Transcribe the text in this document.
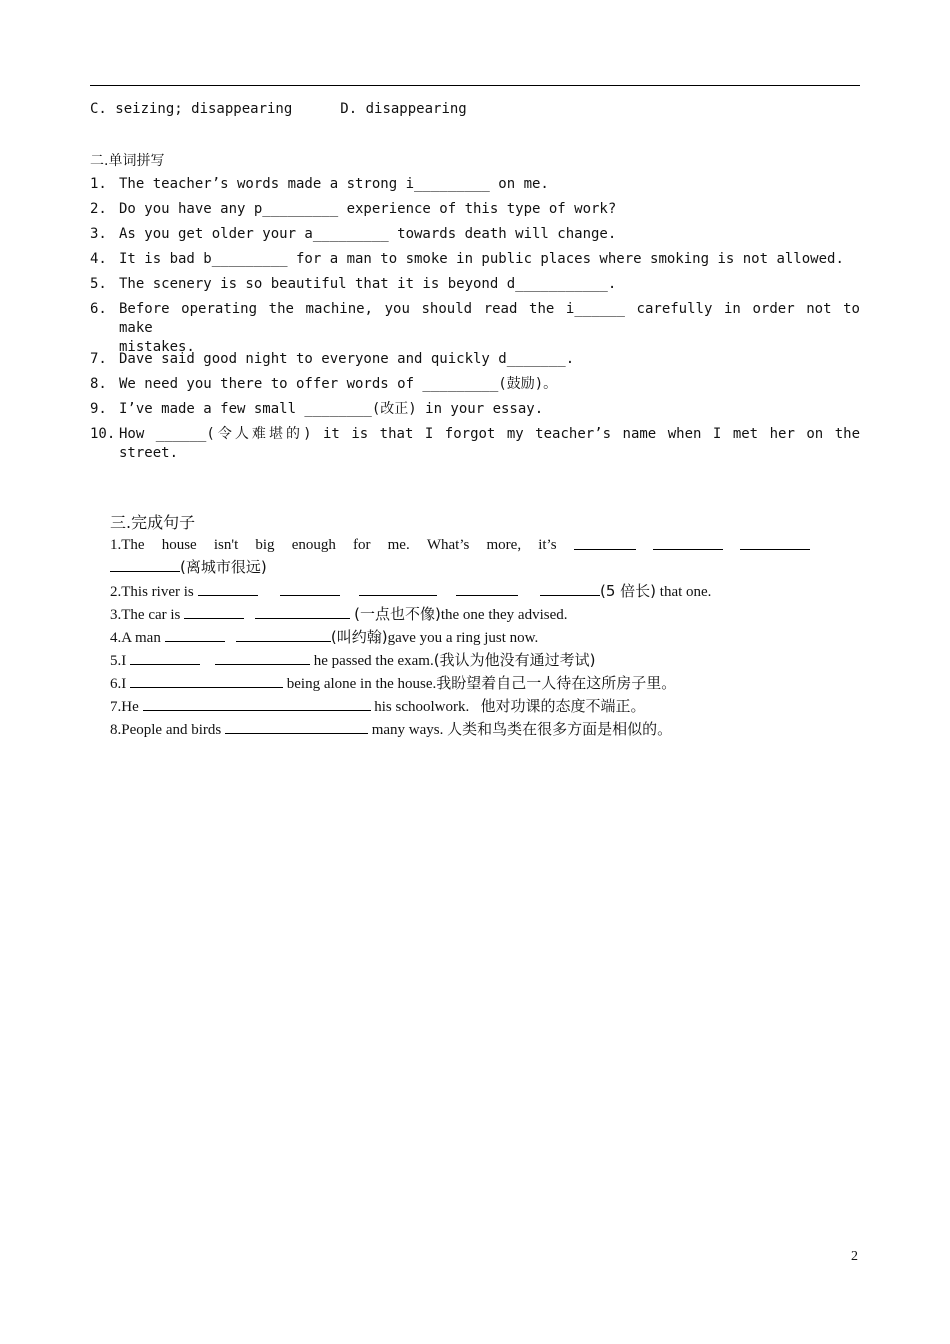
C. seizing; disappearing	D. disappearing
二.单词拼写
1. The teacher’s words made a strong i_________ on me.
2. Do you have any p_________ experience of this type of work?
3. As you get older your a_________ towards death will change.
4. It is bad b_________ for a man to smoke in public places where smoking is not allowed.
5. The scenery is so beautiful that it is beyond d___________.
6. Before operating the machine, you should read the i______ carefully in order not to make
mistakes.
7. Dave said good night to everyone and quickly d_______.
8. We need you there to offer words of _________(鼓励)。
9. I’ve made a few small ________(改正) in your essay.
10. How ______(令人难堪的) it is that I forgot my teacher’s name when I met her on the
street.
三.完成句子
1.The house isn't big enough for me. What’s more, it’s
(离城市很远)
2.This river is	(5 倍长) that one.
3.The car is	(一点也不像)the one they advised.
4.A man	(叫约翰)gave you a ring just now.
5.I	he passed the exam.(我认为他没有通过考试)
6.I	being alone in the house.我盼望着自己一人待在这所房子里。
7.He	his schoolwork. 他对功课的态度不端正。
8.People and birds	many ways. 人类和鸟类在很多方面是相似的。
2
